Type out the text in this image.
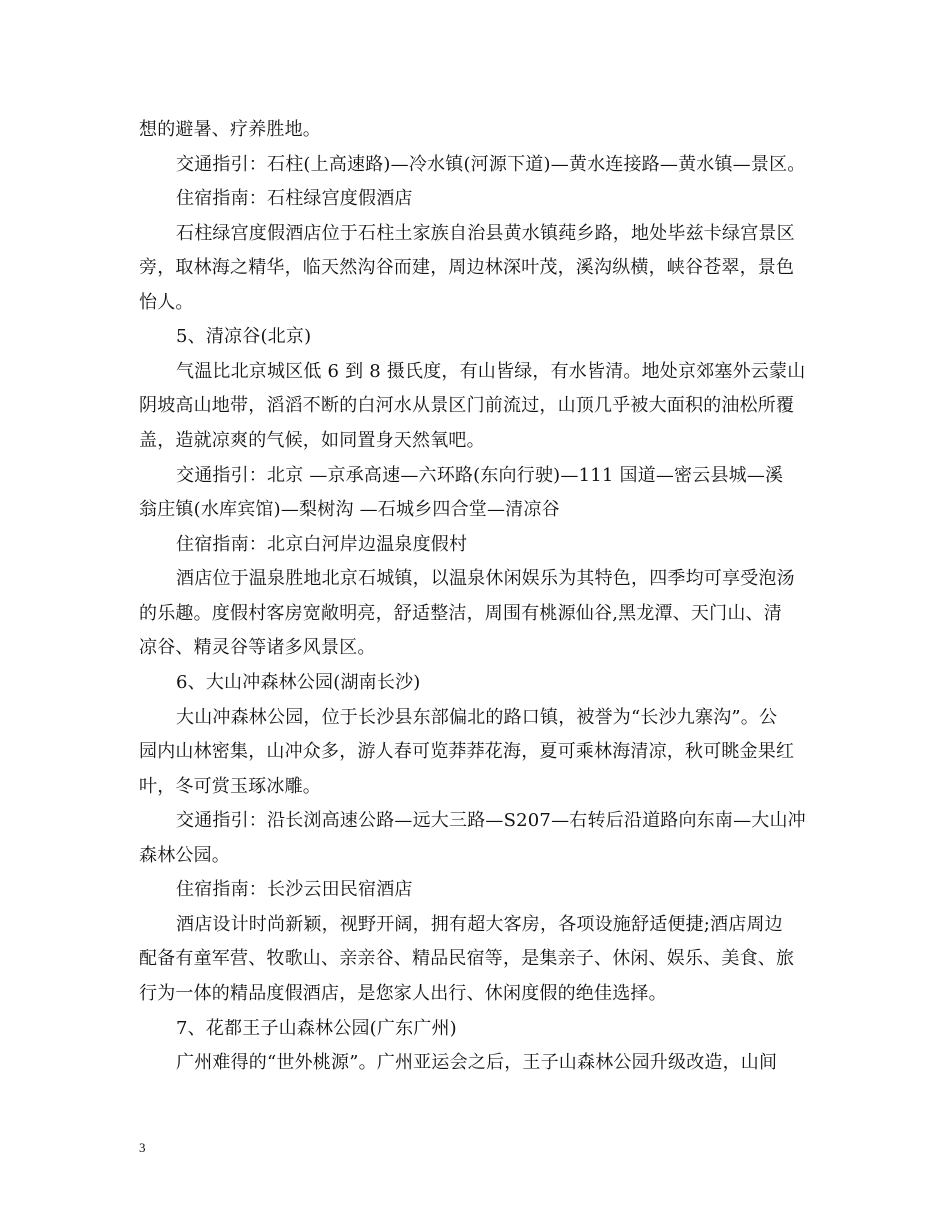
想的避暑、疗养胜地。
交通指引：石柱(上高速路)—冷水镇(河源下道)—黄水连接路—黄水镇—景区。
住宿指南：石柱绿宫度假酒店
石柱绿宫度假酒店位于石柱土家族自治县黄水镇莼乡路，地处毕兹卡绿宫景区
旁，取林海之精华，临天然沟谷而建，周边林深叶茂，溪沟纵横，峡谷苍翠，景色
怡人。
5、清凉谷(北京)
气温比北京城区低 6 到 8 摄氏度，有山皆绿，有水皆清。地处京郊塞外云蒙山
阴坡高山地带，滔滔不断的白河水从景区门前流过，山顶几乎被大面积的油松所覆
盖，造就凉爽的气候，如同置身天然氧吧。
交通指引：北京 —京承高速—六环路(东向行驶)—111 国道—密云县城—溪
翁庄镇(水库宾馆)—梨树沟 —石城乡四合堂—清凉谷
住宿指南：北京白河岸边温泉度假村
酒店位于温泉胜地北京石城镇，以温泉休闲娱乐为其特色，四季均可享受泡汤
的乐趣。度假村客房宽敞明亮，舒适整洁，周围有桃源仙谷,黑龙潭、天门山、清
凉谷、精灵谷等诸多风景区。
6、大山冲森林公园(湖南长沙)
大山冲森林公园，位于长沙县东部偏北的路口镇，被誉为“长沙九寨沟”。公
园内山林密集，山冲众多，游人春可览莽莽花海，夏可乘林海清凉，秋可眺金果红
叶，冬可赏玉琢冰雕。
交通指引：沿长浏高速公路—远大三路—S207—右转后沿道路向东南—大山冲
森林公园。
住宿指南：长沙云田民宿酒店
酒店设计时尚新颖，视野开阔，拥有超大客房，各项设施舒适便捷;酒店周边
配备有童军营、牧歌山、亲亲谷、精品民宿等，是集亲子、休闲、娱乐、美食、旅
行为一体的精品度假酒店，是您家人出行、休闲度假的绝佳选择。
7、花都王子山森林公园(广东广州)
广州难得的“世外桃源”。广州亚运会之后，王子山森林公园升级改造，山间
3
